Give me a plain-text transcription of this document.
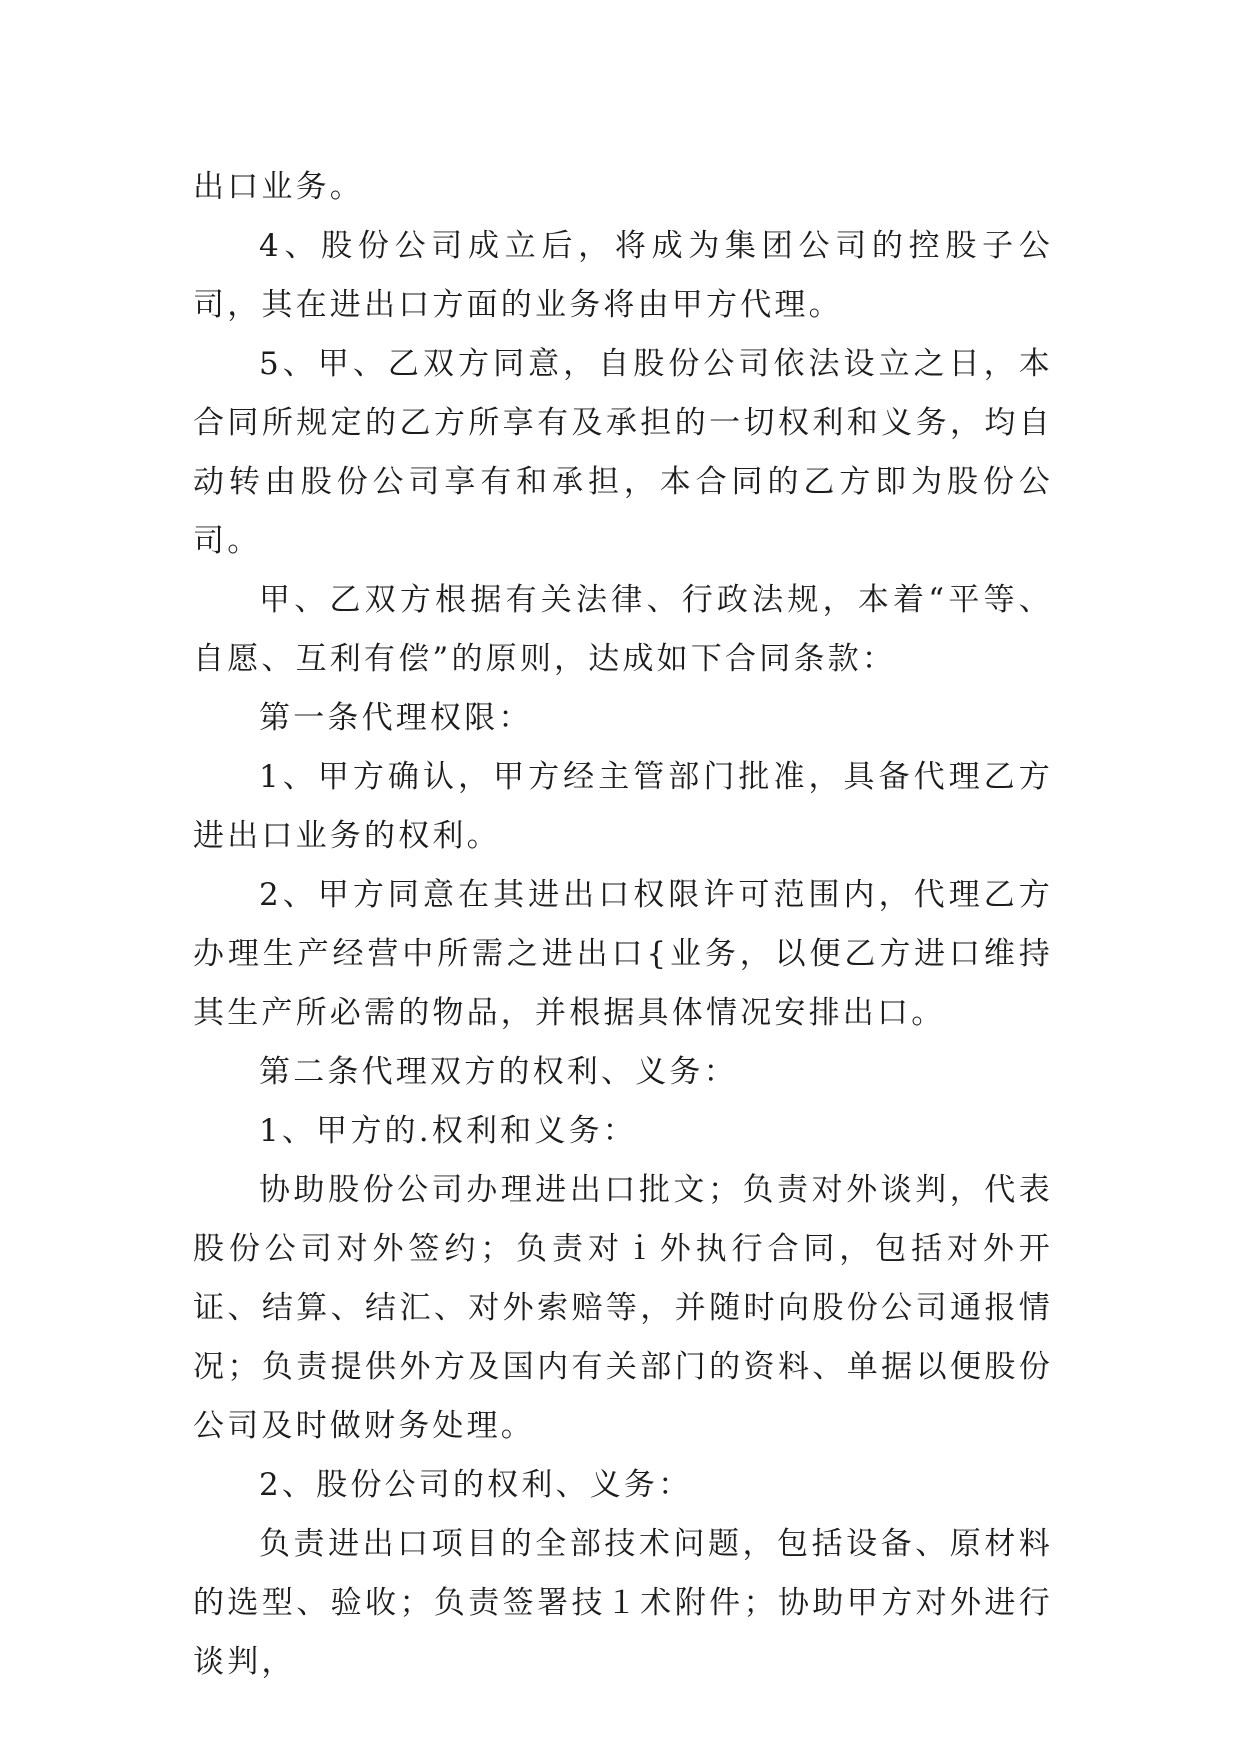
出口业务。

4、股份公司成立后，将成为集团公司的控股子公司，其在进出口方面的业务将由甲方代理。

5、甲、乙双方同意，自股份公司依法设立之日，本合同所规定的乙方所享有及承担的一切权利和义务，均自动转由股份公司享有和承担，本合同的乙方即为股份公司。

甲、乙双方根据有关法律、行政法规，本着“平等、自愿、互利有偿”的原则，达成如下合同条款：

第一条代理权限：

1、甲方确认，甲方经主管部门批准，具备代理乙方进出口业务的权利。

2、甲方同意在其进出口权限许可范围内，代理乙方办理生产经营中所需之进出口{业务，以便乙方进口维持其生产所必需的物品，并根据具体情况安排出口。

第二条代理双方的权利、义务：

1、甲方的.权利和义务：

协助股份公司办理进出口批文；负责对外谈判，代表股份公司对外签约；负责对ｉ外执行合同，包括对外开证、结算、结汇、对外索赔等，并随时向股份公司通报情况；负责提供外方及国内有关部门的资料、单据以便股份公司及时做财务处理。

2、股份公司的权利、义务：

负责进出口项目的全部技术问题，包括设备、原材料的选型、验收；负责签署技１术附件；协助甲方对外进行谈判，
